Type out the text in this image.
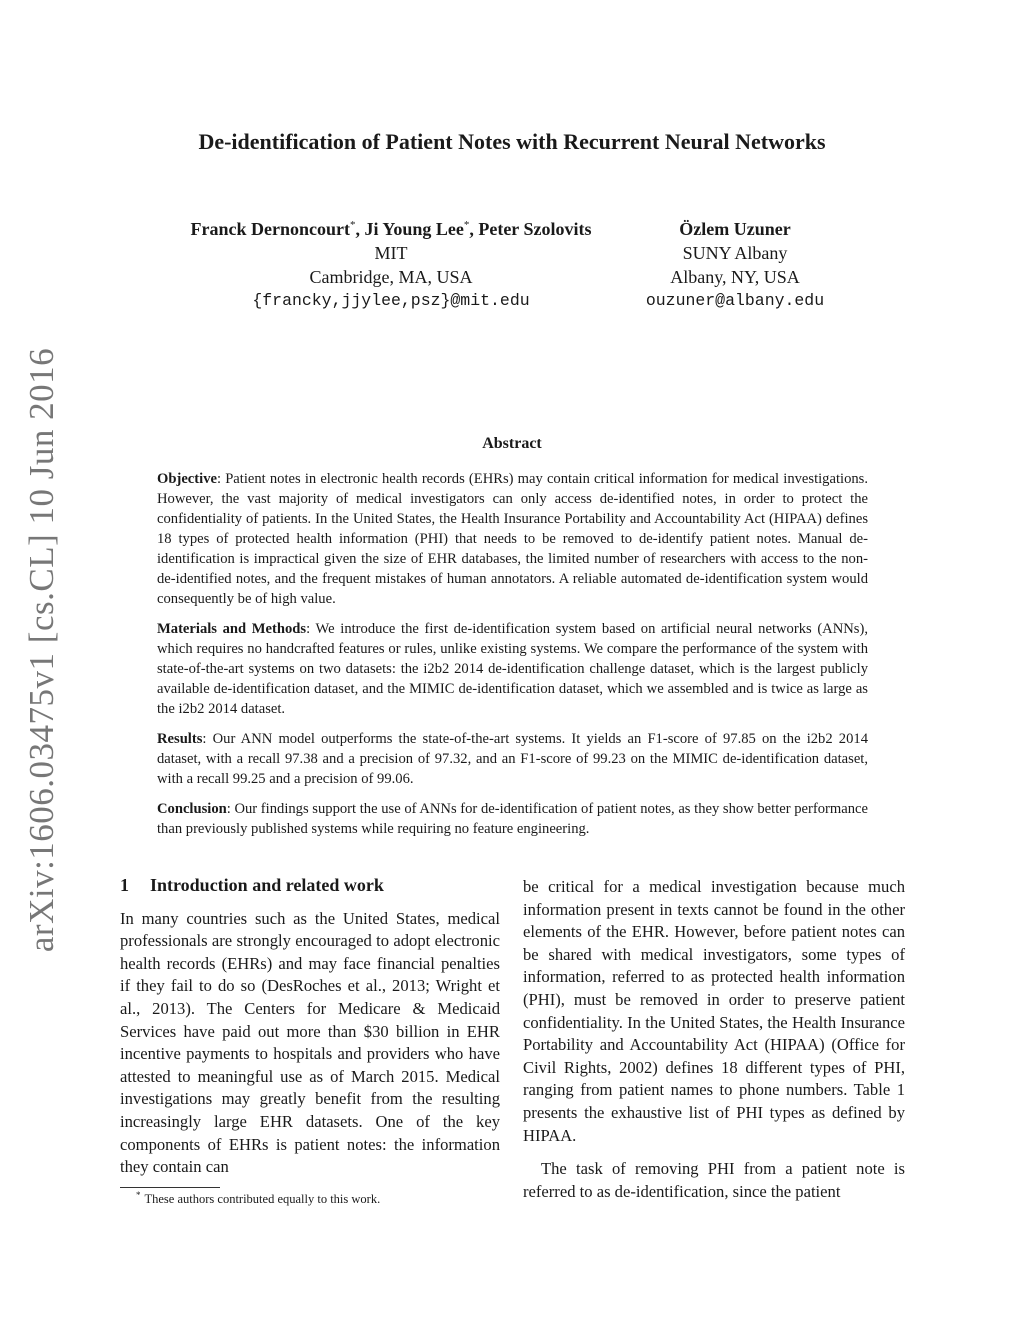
arXiv:1606.03475v1 [cs.CL] 10 Jun 2016
De-identification of Patient Notes with Recurrent Neural Networks
Franck Dernoncourt*, Ji Young Lee*, Peter Szolovits
MIT
Cambridge, MA, USA
{francky,jjylee,psz}@mit.edu
Özlem Uzuner
SUNY Albany
Albany, NY, USA
ouzuner@albany.edu
Abstract

Objective: Patient notes in electronic health records (EHRs) may contain critical information for medical investigations. However, the vast majority of medical investigators can only access de-identified notes, in order to protect the confidentiality of patients. In the United States, the Health Insurance Portability and Accountability Act (HIPAA) defines 18 types of protected health information (PHI) that needs to be removed to de-identify patient notes. Manual de-identification is impractical given the size of EHR databases, the limited number of researchers with access to the non-de-identified notes, and the frequent mistakes of human annotators. A reliable automated de-identification system would consequently be of high value.

Materials and Methods: We introduce the first de-identification system based on artificial neural networks (ANNs), which requires no handcrafted features or rules, unlike existing systems. We compare the performance of the system with state-of-the-art systems on two datasets: the i2b2 2014 de-identification challenge dataset, which is the largest publicly available de-identification dataset, and the MIMIC de-identification dataset, which we assembled and is twice as large as the i2b2 2014 dataset.

Results: Our ANN model outperforms the state-of-the-art systems. It yields an F1-score of 97.85 on the i2b2 2014 dataset, with a recall 97.38 and a precision of 97.32, and an F1-score of 99.23 on the MIMIC de-identification dataset, with a recall 99.25 and a precision of 99.06.

Conclusion: Our findings support the use of ANNs for de-identification of patient notes, as they show better performance than previously published systems while requiring no feature engineering.

1 Introduction and related work

In many countries such as the United States, medical professionals are strongly encouraged to adopt electronic health records (EHRs) and may face financial penalties if they fail to do so (DesRoches et al., 2013; Wright et al., 2013). The Centers for Medicare & Medicaid Services have paid out more than $30 billion in EHR incentive payments to hospitals and providers who have attested to meaningful use as of March 2015. Medical investigations may greatly benefit from the resulting increasingly large EHR datasets. One of the key components of EHRs is patient notes: the information they contain can

be critical for a medical investigation because much information present in texts cannot be found in the other elements of the EHR. However, before patient notes can be shared with medical investigators, some types of information, referred to as protected health information (PHI), must be removed in order to preserve patient confidentiality. In the United States, the Health Insurance Portability and Accountability Act (HIPAA) (Office for Civil Rights, 2002) defines 18 different types of PHI, ranging from patient names to phone numbers. Table 1 presents the exhaustive list of PHI types as defined by HIPAA.

The task of removing PHI from a patient note is referred to as de-identification, since the patient

* These authors contributed equally to this work.
